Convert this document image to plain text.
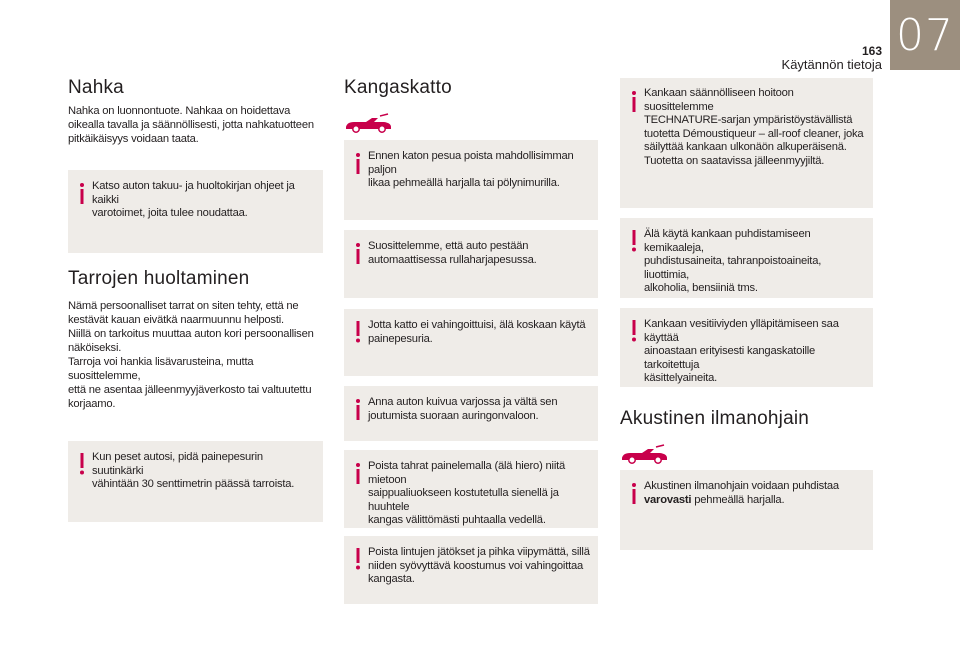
07
163
Käytännön tietoja
Nahka

Nahka on luonnontuote. Nahkaa on hoidettava
oikealla tavalla ja säännöllisesti, jotta nahkatuotteen
pitkäikäisyys voidaan taata.

Katso auton takuu- ja huoltokirjan ohjeet ja kaikki
varotoimet, joita tulee noudattaa.
Tarrojen huoltaminen

Nämä persoonalliset tarrat on siten tehty, että ne
kestävät kauan eivätkä naarmuunnu helposti.
Niillä on tarkoitus muuttaa auton kori persoonallisen
näköiseksi.
Tarroja voi hankia lisävarusteina, mutta suosittelemme,
että ne asentaa jälleenmyyjäverkosto tai valtuutettu
korjaamo.

Kun peset autosi, pidä painepesurin suutinkärki
vähintään 30 senttimetrin päässä tarroista.
Kangaskatto
Ennen katon pesua poista mahdollisimman paljon
likaa pehmeällä harjalla tai pölynimurilla.
Suosittelemme, että auto pestään
automaattisessa rullaharjapesussa.
Jotta katto ei vahingoittuisi, älä koskaan käytä
painepesuria.
Anna auton kuivua varjossa ja vältä sen
joutumista suoraan auringonvaloon.
Poista tahrat painelemalla (älä hiero) niitä mietoon
saippualiuokseen kostutetulla sienellä ja huuhtele
kangas välittömästi puhtaalla vedellä.
Poista lintujen jätökset ja pihka viipymättä, sillä
niiden syövyttävä koostumus voi vahingoittaa
kangasta.
Kankaan säännölliseen hoitoon suosittelemme
TECHNATURE-sarjan ympäristöystävällistä
tuotetta Démoustiqueur – all-roof cleaner, joka
säilyttää kankaan ulkonäön alkuperäisenä.
Tuotetta on saatavissa jälleenmyyjiltä.
Älä käytä kankaan puhdistamiseen kemikaaleja,
puhdistusaineita, tahranpoistoaineita, liuottimia,
alkoholia, bensiiniä tms.
Kankaan vesitiiviyden ylläpitämiseen saa käyttää
ainoastaan erityisesti kangaskatoille tarkoitettuja
käsittelyaineita.
Akustinen ilmanohjain
Akustinen ilmanohjain voidaan puhdistaa
varovasti pehmeällä harjalla.
